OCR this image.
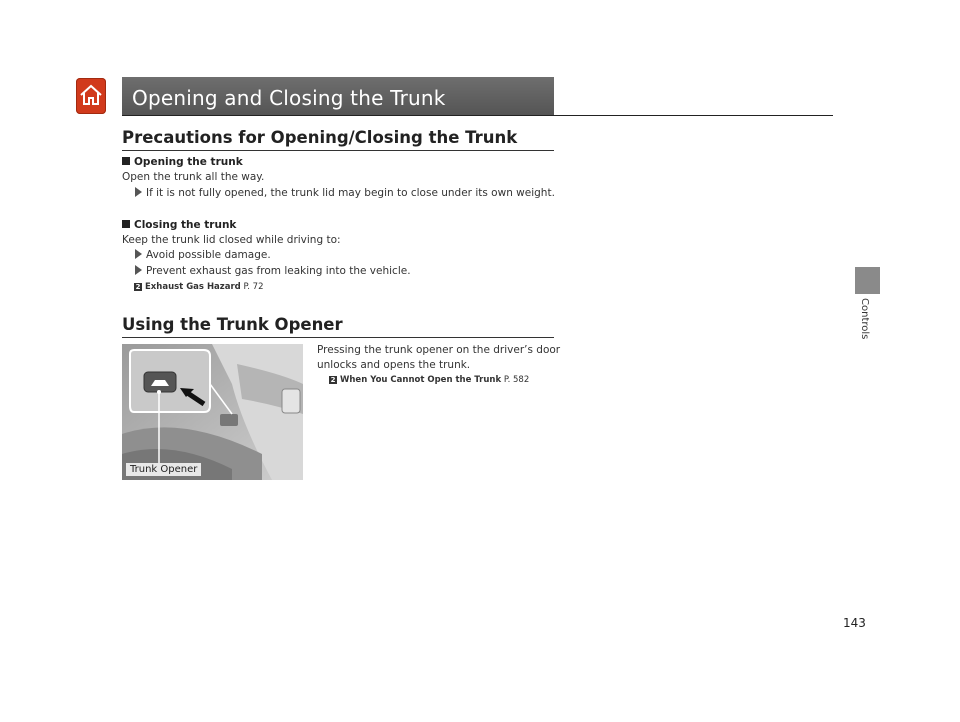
Opening and Closing the Trunk
Controls
Precautions for Opening/Closing the Trunk
Opening the trunk
Open the trunk all the way.
If it is not fully opened, the trunk lid may begin to close under its own weight.
Closing the trunk
Keep the trunk lid closed while driving to:
Avoid possible damage.
Prevent exhaust gas from leaking into the vehicle.
2 Exhaust Gas Hazard P. 72
Using the Trunk Opener
Pressing the trunk opener on the driver’s door
unlocks and opens the trunk.
2 When You Cannot Open the Trunk P. 582
Trunk Opener
143
